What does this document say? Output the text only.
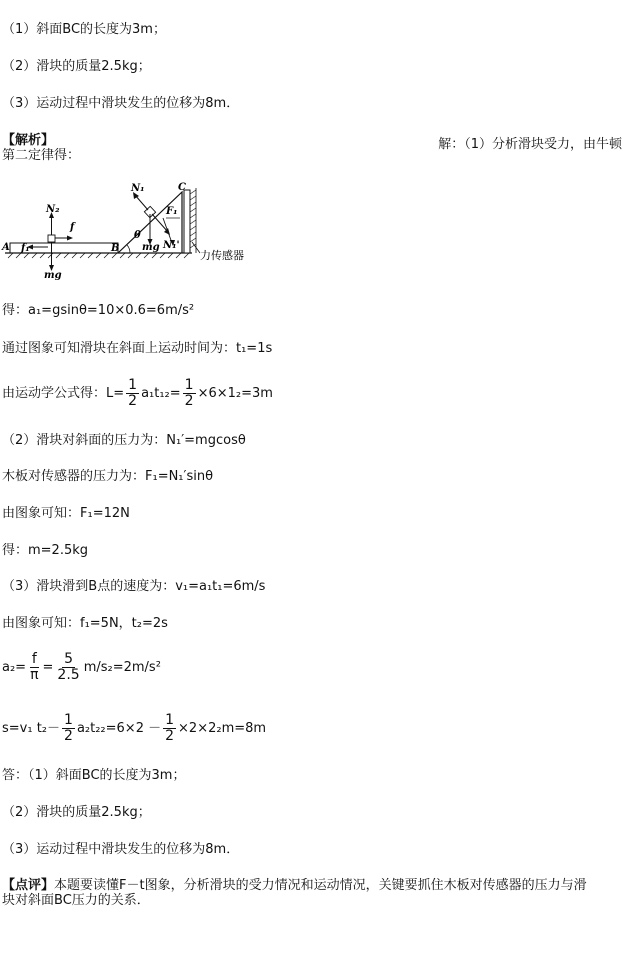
（1）斜面BC的长度为3m；
（2）滑块的质量2.5kg；
（3）运动过程中滑块发生的位移为8m．
【解析】	解：（1）分析滑块受力，由牛顿
第二定律得：
N₂
f
A f₁
mg
N₁	C
F₁
θ
B mg N₁'
力传感器
得：a₁=gsinθ=10×0.6=6m/s²
通过图象可知滑块在斜面上运动时间为：t₁=1s
由运动学公式得：$L= \frac{1}{2} a_1t_{12}= \frac{1}{2} \times 6\times 1_2=3m$
（2）滑块对斜面的压力为：N₁′=mgcosθ
木板对传感器的压力为：F₁=N₁′sinθ
由图象可知：F₁=12N
得：m=2.5kg
（3）滑块滑到B点的速度为：v₁=a₁t₁=6m/s
由图象可知：f₁=5N，t₂=2s
$a_2= \frac{f}{\pi} = \frac{5}{2.5} m/s_2=2m/s^2$
s=v₁ $t_2- \frac{1}{2} a_2t_{22}=6\times 2 - \frac{1}{2} \times 2\times 2_2m=8m$
答：（1）斜面BC的长度为3m；
（2）滑块的质量2.5kg；
（3）运动过程中滑块发生的位移为8m．
【点评】本题要读懂F－t图象，分析滑块的受力情况和运动情况，关键要抓住木板对传感器的压力与滑
块对斜面BC压力的关系．
